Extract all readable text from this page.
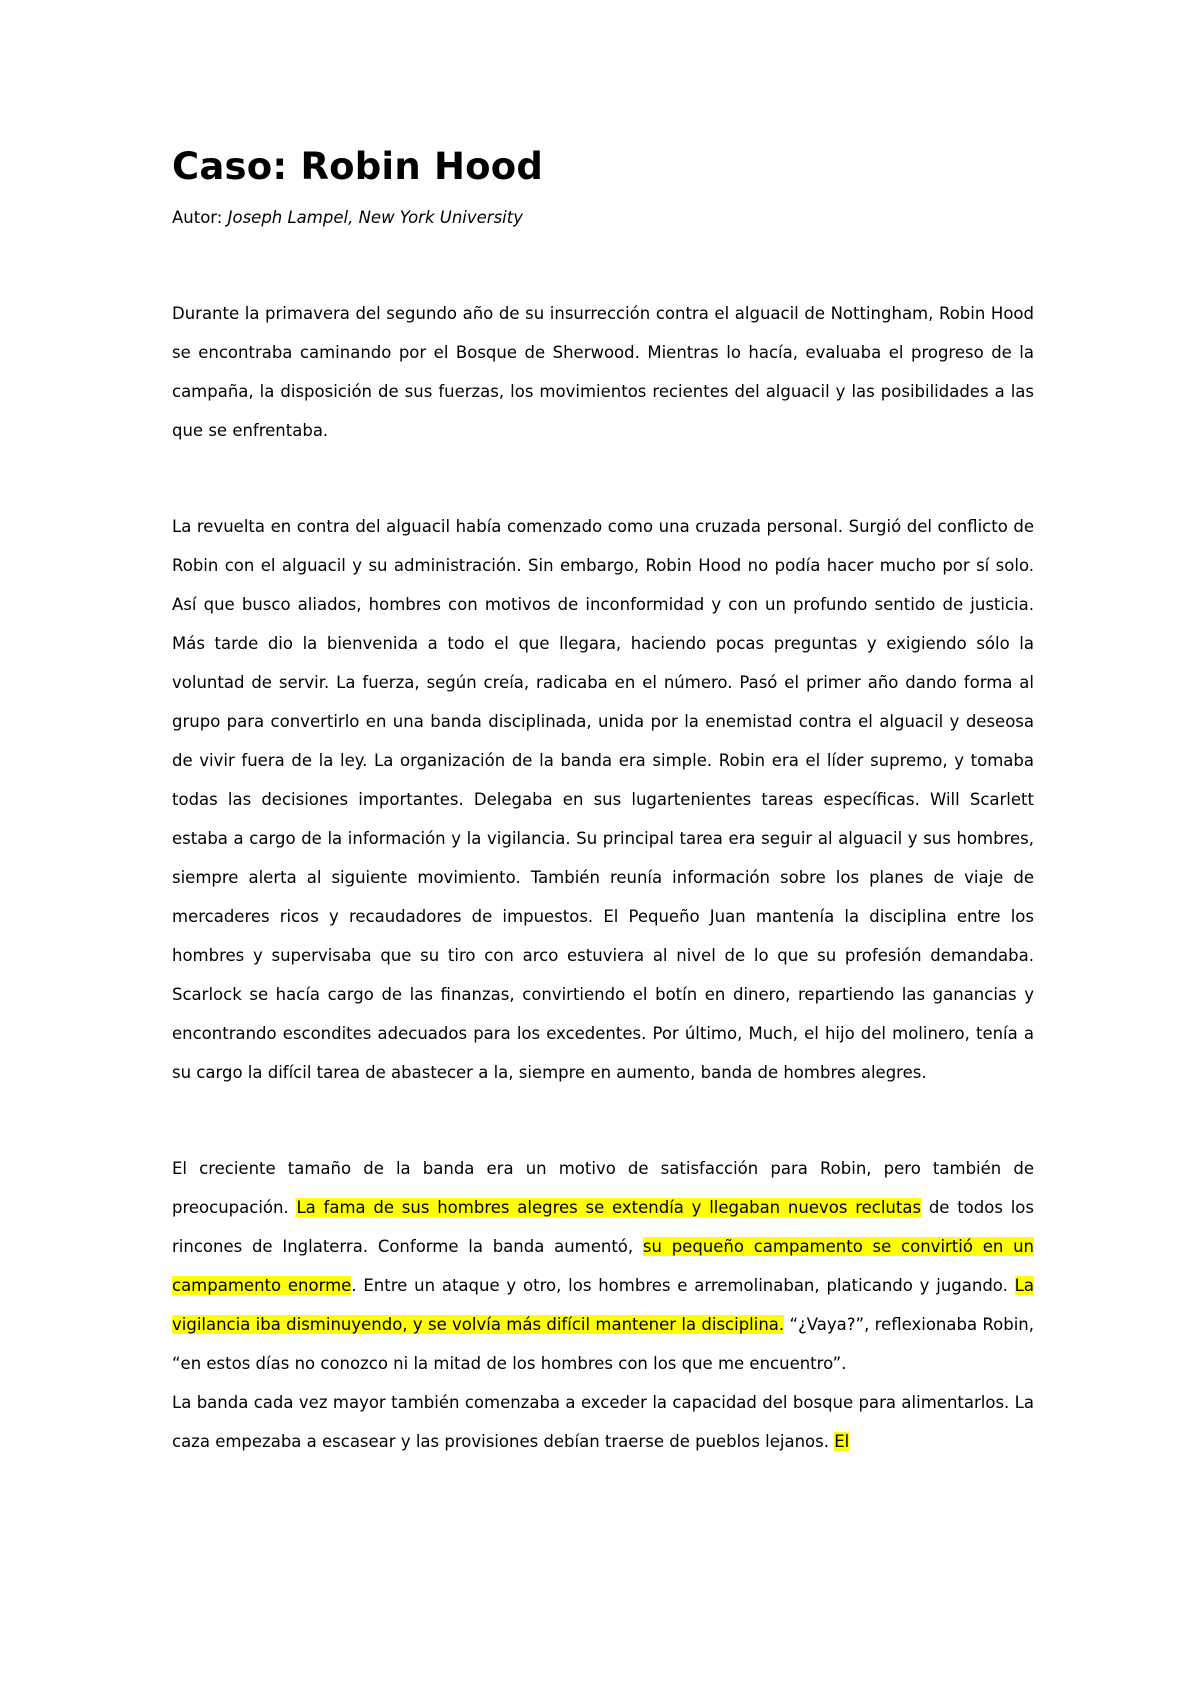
Caso: Robin Hood

Autor: Joseph Lampel, New York University

Durante la primavera del segundo año de su insurrección contra el alguacil de Nottingham, Robin Hood se encontraba caminando por el Bosque de Sherwood. Mientras lo hacía, evaluaba el progreso de la campaña, la disposición de sus fuerzas, los movimientos recientes del alguacil y las posibilidades a las que se enfrentaba.

La revuelta en contra del alguacil había comenzado como una cruzada personal. Surgió del conflicto de Robin con el alguacil y su administración. Sin embargo, Robin Hood no podía hacer mucho por sí solo. Así que busco aliados, hombres con motivos de inconformidad y con un profundo sentido de justicia. Más tarde dio la bienvenida a todo el que llegara, haciendo pocas preguntas y exigiendo sólo la voluntad de servir. La fuerza, según creía, radicaba en el número. Pasó el primer año dando forma al grupo para convertirlo en una banda disciplinada, unida por la enemistad contra el alguacil y deseosa de vivir fuera de la ley. La organización de la banda era simple. Robin era el líder supremo, y tomaba todas las decisiones importantes. Delegaba en sus lugartenientes tareas específicas. Will Scarlett estaba a cargo de la información y la vigilancia. Su principal tarea era seguir al alguacil y sus hombres, siempre alerta al siguiente movimiento. También reunía información sobre los planes de viaje de mercaderes ricos y recaudadores de impuestos. El Pequeño Juan mantenía la disciplina entre los hombres y supervisaba que su tiro con arco estuviera al nivel de lo que su profesión demandaba. Scarlock se hacía cargo de las finanzas, convirtiendo el botín en dinero, repartiendo las ganancias y encontrando escondites adecuados para los excedentes. Por último, Much, el hijo del molinero, tenía a su cargo la difícil tarea de abastecer a la, siempre en aumento, banda de hombres alegres.

El creciente tamaño de la banda era un motivo de satisfacción para Robin, pero también de preocupación. La fama de sus hombres alegres se extendía y llegaban nuevos reclutas de todos los rincones de Inglaterra. Conforme la banda aumentó, su pequeño campamento se convirtió en un campamento enorme. Entre un ataque y otro, los hombres e arremolinaban, platicando y jugando. La vigilancia iba disminuyendo, y se volvía más difícil mantener la disciplina. “¿Vaya?”, reflexionaba Robin, “en estos días no conozco ni la mitad de los hombres con los que me encuentro”.

La banda cada vez mayor también comenzaba a exceder la capacidad del bosque para alimentarlos. La caza empezaba a escasear y las provisiones debían traerse de pueblos lejanos. El
